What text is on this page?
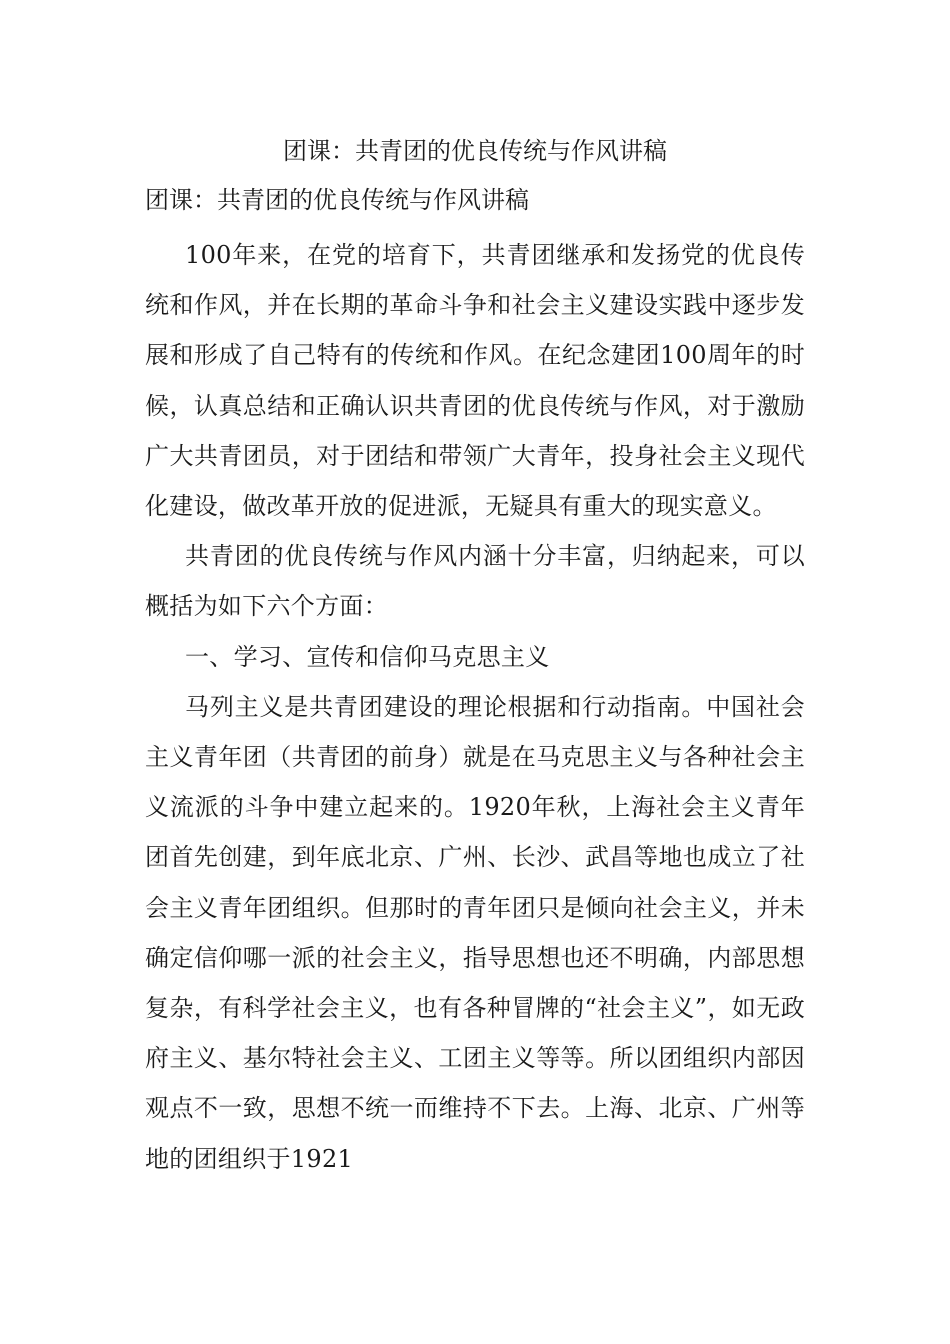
团课：共青团的优良传统与作风讲稿
团课：共青团的优良传统与作风讲稿

100年来，在党的培育下，共青团继承和发扬党的优良传统和作风，并在长期的革命斗争和社会主义建设实践中逐步发展和形成了自己特有的传统和作风。在纪念建团100周年的时候，认真总结和正确认识共青团的优良传统与作风，对于激励广大共青团员，对于团结和带领广大青年，投身社会主义现代化建设，做改革开放的促进派，无疑具有重大的现实意义。

共青团的优良传统与作风内涵十分丰富，归纳起来，可以概括为如下六个方面：

一、学习、宣传和信仰马克思主义

马列主义是共青团建设的理论根据和行动指南。中国社会主义青年团（共青团的前身）就是在马克思主义与各种社会主义流派的斗争中建立起来的。1920年秋，上海社会主义青年团首先创建，到年底北京、广州、长沙、武昌等地也成立了社会主义青年团组织。但那时的青年团只是倾向社会主义，并未确定信仰哪一派的社会主义，指导思想也还不明确，内部思想复杂，有科学社会主义，也有各种冒牌的“社会主义”，如无政府主义、基尔特社会主义、工团主义等等。所以团组织内部因观点不一致，思想不统一而维持不下去。上海、北京、广州等地的团组织于1921
